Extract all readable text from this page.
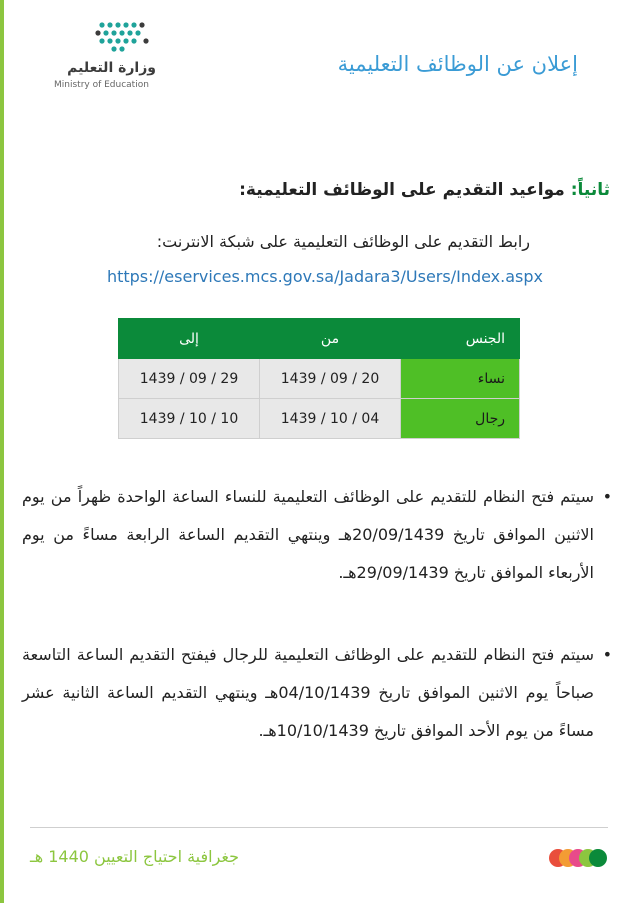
إعلان عن الوظائف التعليمية
وزارة التعليم
Ministry of Education
ثانياً: مواعيد التقديم على الوظائف التعليمية:
رابط التقديم على الوظائف التعليمية على شبكة الانترنت:
https://eservices.mcs.gov.sa/Jadara3/Users/Index.aspx
الجنس	من	إلى
نساء	1439 / 09 / 20	1439 / 09 / 29
رجال	1439 / 10 / 04	1439 / 10 / 10

•
سيتم فتح النظام للتقديم على الوظائف التعليمية للنساء الساعة الواحدة ظهراً من يوم الاثنين الموافق تاريخ 20/09/1439هـ وينتهي التقديم الساعة الرابعة مساءً من يوم الأربعاء الموافق تاريخ 29/09/1439هـ.

•
سيتم فتح النظام للتقديم على الوظائف التعليمية للرجال فيفتح التقديم الساعة التاسعة صباحاً يوم الاثنين الموافق تاريخ 04/10/1439هـ وينتهي التقديم الساعة الثانية عشر مساءً من يوم الأحد الموافق تاريخ 10/10/1439هـ.

جغرافية احتياج التعيين 1440 هـ
